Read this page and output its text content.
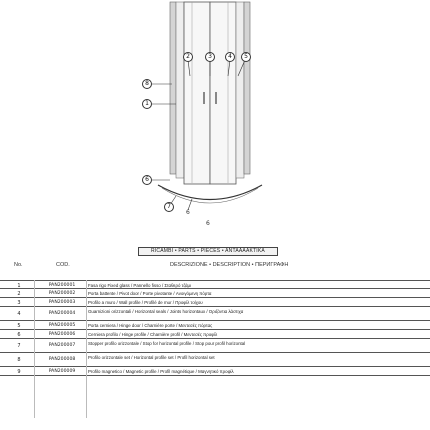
8
1
2	3	4	5
6
7
6
6
RICAMBI • PARTS • PIECES • ANTAAAAKTIKA
No.	COD.	DESCRIZIONE • DESCRIPTION • ПЕРИГРАФН
1	PAN200001	Fasa rigo Fixed glass / Pannello fisso / Σταθερό τζάμι
2	PAN200002	Porta battente / Pivot door / Porte pivotante / Ανοιγόμενη πόρτα
3	PAN200003	Profilo a muro / Wall profile / Profilé de mur / Προφίλ τοίχου
4	PAN200004	Guarnizioni orizzontali / Horizontal seals / Joints horizontaux / Οριζόντια λάστιχα
5	PAN200005	Porta cerniera / Hinge door / Charnière porte / Μεντεσές πόρτας
6	PAN200006	Cerniera profilo / Hinge profile / Charnière profil / Μεντεσές προφίλ
7	PAN200007	Stopper profilo orizzontale / Stop for horizontal profile / Stop pour profil horizontal
8	PAN200008	Profilo orizzontale set / Horizontal profile set / Profil horizontal set
9	PAN200009	Profilo magnetico / Magnetic profile / Profil magnétique / Μαγνητικό προφίλ
